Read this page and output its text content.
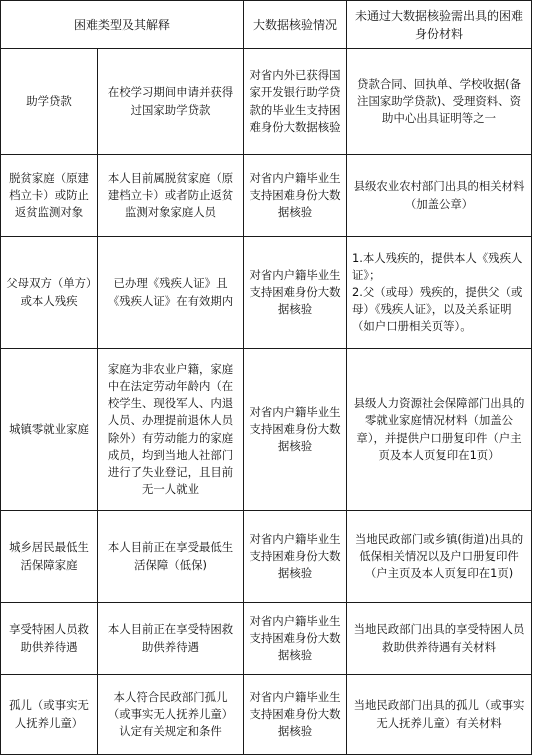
困难类型及其解释		大数据核验情况	未通过大数据核验需出具的困难身份材料
助学贷款	在校学习期间申请并获得过国家助学贷款	对省内外已获得国家开发银行助学贷款的毕业生支持困难身份大数据核验	贷款合同、回执单、学校收据(备注国家助学贷款)、受理资料、资助中心出具证明等之一
脱贫家庭（原建档立卡）或防止返贫监测对象	本人目前属脱贫家庭（原建档立卡）或者防止返贫监测对象家庭人员	对省内户籍毕业生支持困难身份大数据核验	县级农业农村部门出具的相关材料（加盖公章）
父母双方（单方）或本人残疾	已办理《残疾人证》且《残疾人证》在有效期内	对省内户籍毕业生支持困难身份大数据核验	1.本人残疾的，提供本人《残疾人证》；
2.父（或母）残疾的，提供父（或母）《残疾人证》，以及关系证明（如户口册相关页等）。

城镇零就业家庭	家庭为非农业户籍，家庭中在法定劳动年龄内（在校学生、现役军人、内退人员、办理提前退休人员除外）有劳动能力的家庭成员，均到当地人社部门进行了失业登记，且目前无一人就业	对省内户籍毕业生支持困难身份大数据核验	县级人力资源社会保障部门出具的零就业家庭情况材料（加盖公章），并提供户口册复印件（户主页及本人页复印在1页）
城乡居民最低生活保障家庭	本人目前正在享受最低生活保障（低保)	对省内户籍毕业生支持困难身份大数据核验	当地民政部门或乡镇(街道)出具的低保相关情况以及户口册复印件（户主页及本人页复印在1页)
享受特困人员救助供养待遇	本人目前正在享受特困救助供养待遇	对省内户籍毕业生支持困难身份大数据核验	当地民政部门出具的享受特困人员救助供养待遇有关材料
孤儿（或事实无人抚养儿童）	本人符合民政部门孤儿（或事实无人抚养儿童）认定有关规定和条件	对省内户籍毕业生支持困难身份大数据核验	当地民政部门出具的孤儿（或事实无人抚养儿童）有关材料
